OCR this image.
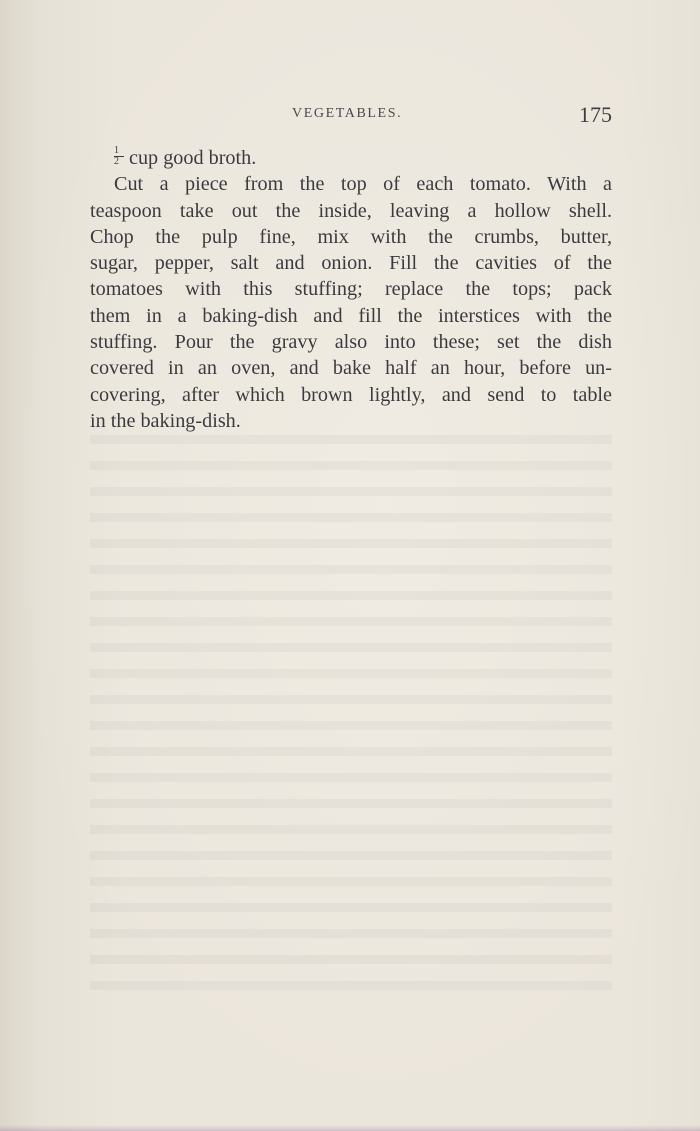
VEGETABLES.	175
$\frac{1}{2}$ cup good broth.
Cut a piece from the top of each tomato. With a
teaspoon take out the inside, leaving a hollow shell.
Chop the pulp fine, mix with the crumbs, butter,
sugar, pepper, salt and onion. Fill the cavities of the
tomatoes with this stuffing; replace the tops; pack
them in a baking-dish and fill the interstices with the
stuffing. Pour the gravy also into these; set the dish
covered in an oven, and bake half an hour, before un-
covering, after which brown lightly, and send to table
in the baking-dish.
